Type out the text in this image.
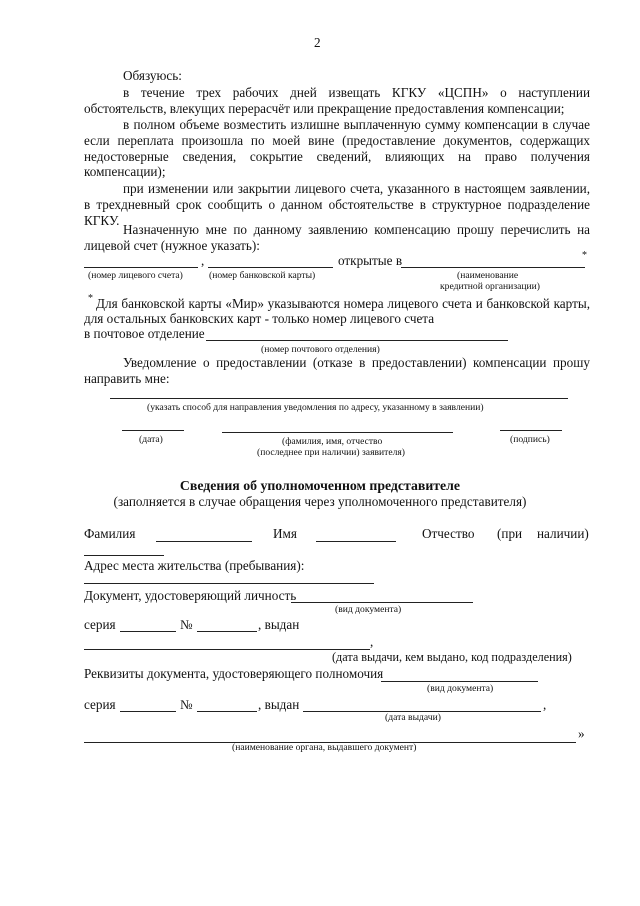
2
Обязуюсь:
в течение трех рабочих дней извещать КГКУ «ЦСПН» о наступлении
обстоятельств, влекущих перерасчёт или прекращение предоставления компенсации;
в полном объеме возместить излишне выплаченную сумму компенсации в случае
если переплата произошла по моей вине (предоставление документов, содержащих
недостоверные сведения, сокрытие сведений, влияющих на право получения
компенсации);
при изменении или закрытии лицевого счета, указанного в настоящем заявлении,
в трехдневный срок сообщить о данном обстоятельстве в структурное подразделение
КГКУ.
Назначенную мне по данному заявлению компенсацию прошу перечислить на
лицевой счет (нужное указать):
,	открытые в	*
(номер лицевого счета)	(номер банковской карты)	(наименование
кредитной организации)
* Для банковской карты «Мир» указываются номера лицевого счета и банковской карты,
для остальных банковских карт - только номер лицевого счета
в почтовое отделение
(номер почтового отделения)
Уведомление о предоставлении (отказе в предоставлении) компенсации прошу
направить мне:
(указать способ для направления уведомления по адресу, указанному в заявлении)
(дата)	(фамилия, имя, отчество
(последнее при наличии) заявителя)
(подпись)
Сведения об уполномоченном представителе
(заполняется в случае обращения через уполномоченного представителя)
Фамилия	Имя	Отчество (при наличии)
Адрес места жительства (пребывания):
Документ, удостоверяющий личность
(вид документа)
серия	№	, выдан
,
(дата выдачи, кем выдано, код подразделения)
Реквизиты документа, удостоверяющего полномочия
(вид документа)
серия	№	, выдан	,
(дата выдачи)
»
(наименование органа, выдавшего документ)
